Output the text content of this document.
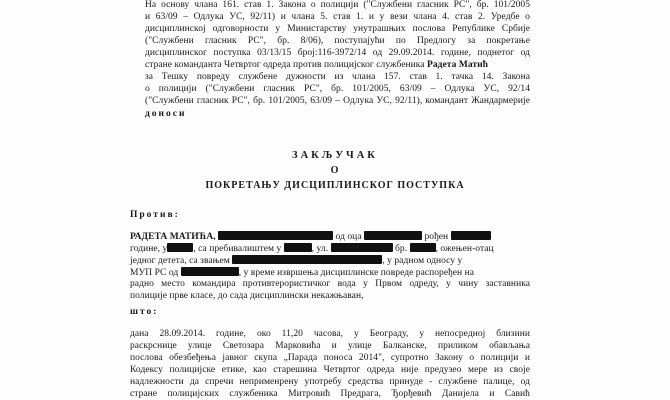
На основу члана 161. став 1. Закона о полицији ("Службени гласник РС", бр. 101/2005
и 63/09 – Одлука УС, 92/11) и члана 5. став 1. и у вези члана 4. став 2. Уредбе о
дисциплинској одговорности у Министарству унутрашњих послова Републике Србије
("Службени гласник РС", бр. 8/06), поступајући по Предлогу за покретање
дисциплинског поступка 03/13/15 број:116-3972/14 од 29.09.2014. године, поднетог од
стране команданта Четвртог одреда против полицијског службеника Радета Матић
за Тешку повреду службене дужности из члана 157. став 1. тачка 14. Закона
о полицији ("Службени гласник РС", бр. 101/2005, 63/09 – Одлука УС, 92/14
("Службени гласник РС", бр. 101/2005, 63/09 – Одлука УС, 92/11), командант Жандармерије
доноси
ЗАКЉУЧАК
О
ПОКРЕТАЊУ ДИСЦИПЛИНСКОГ ПОСТУПКА
Против:
РАДЕТА МАТИЋА,	од оца	рођен
године, у	, са пребивалиштем у	, ул.	бр.	, ожењен-отац
једног детета, са звањем	, у радном односу у
МУП РС од	, у време извршења дисциплинске повреде распоређен на
радно место командира противтерористичког вода у Првом одреду, у чину заставника
полиције прве класе, до сада дисциплински некажњаван,
што:
дана 28.09.2014. године, око 11,20 часова, у Београду, у непосредној близини
раскрснице улице Светозара Марковића и улице Балканске, приликом обављања
послова обезбеђења јавног скупа „Парада поноса 2014", супротно Закону о полицији и
Кодексу полицијске етике, као старешина Четвртог одреда није предузео мере из своје
надлежности да спречи неприменрену употребу средства принуде - службене палице, од
стране полицијских службеника Митровић Предрага, Ђорђевић Данијела и Савић
